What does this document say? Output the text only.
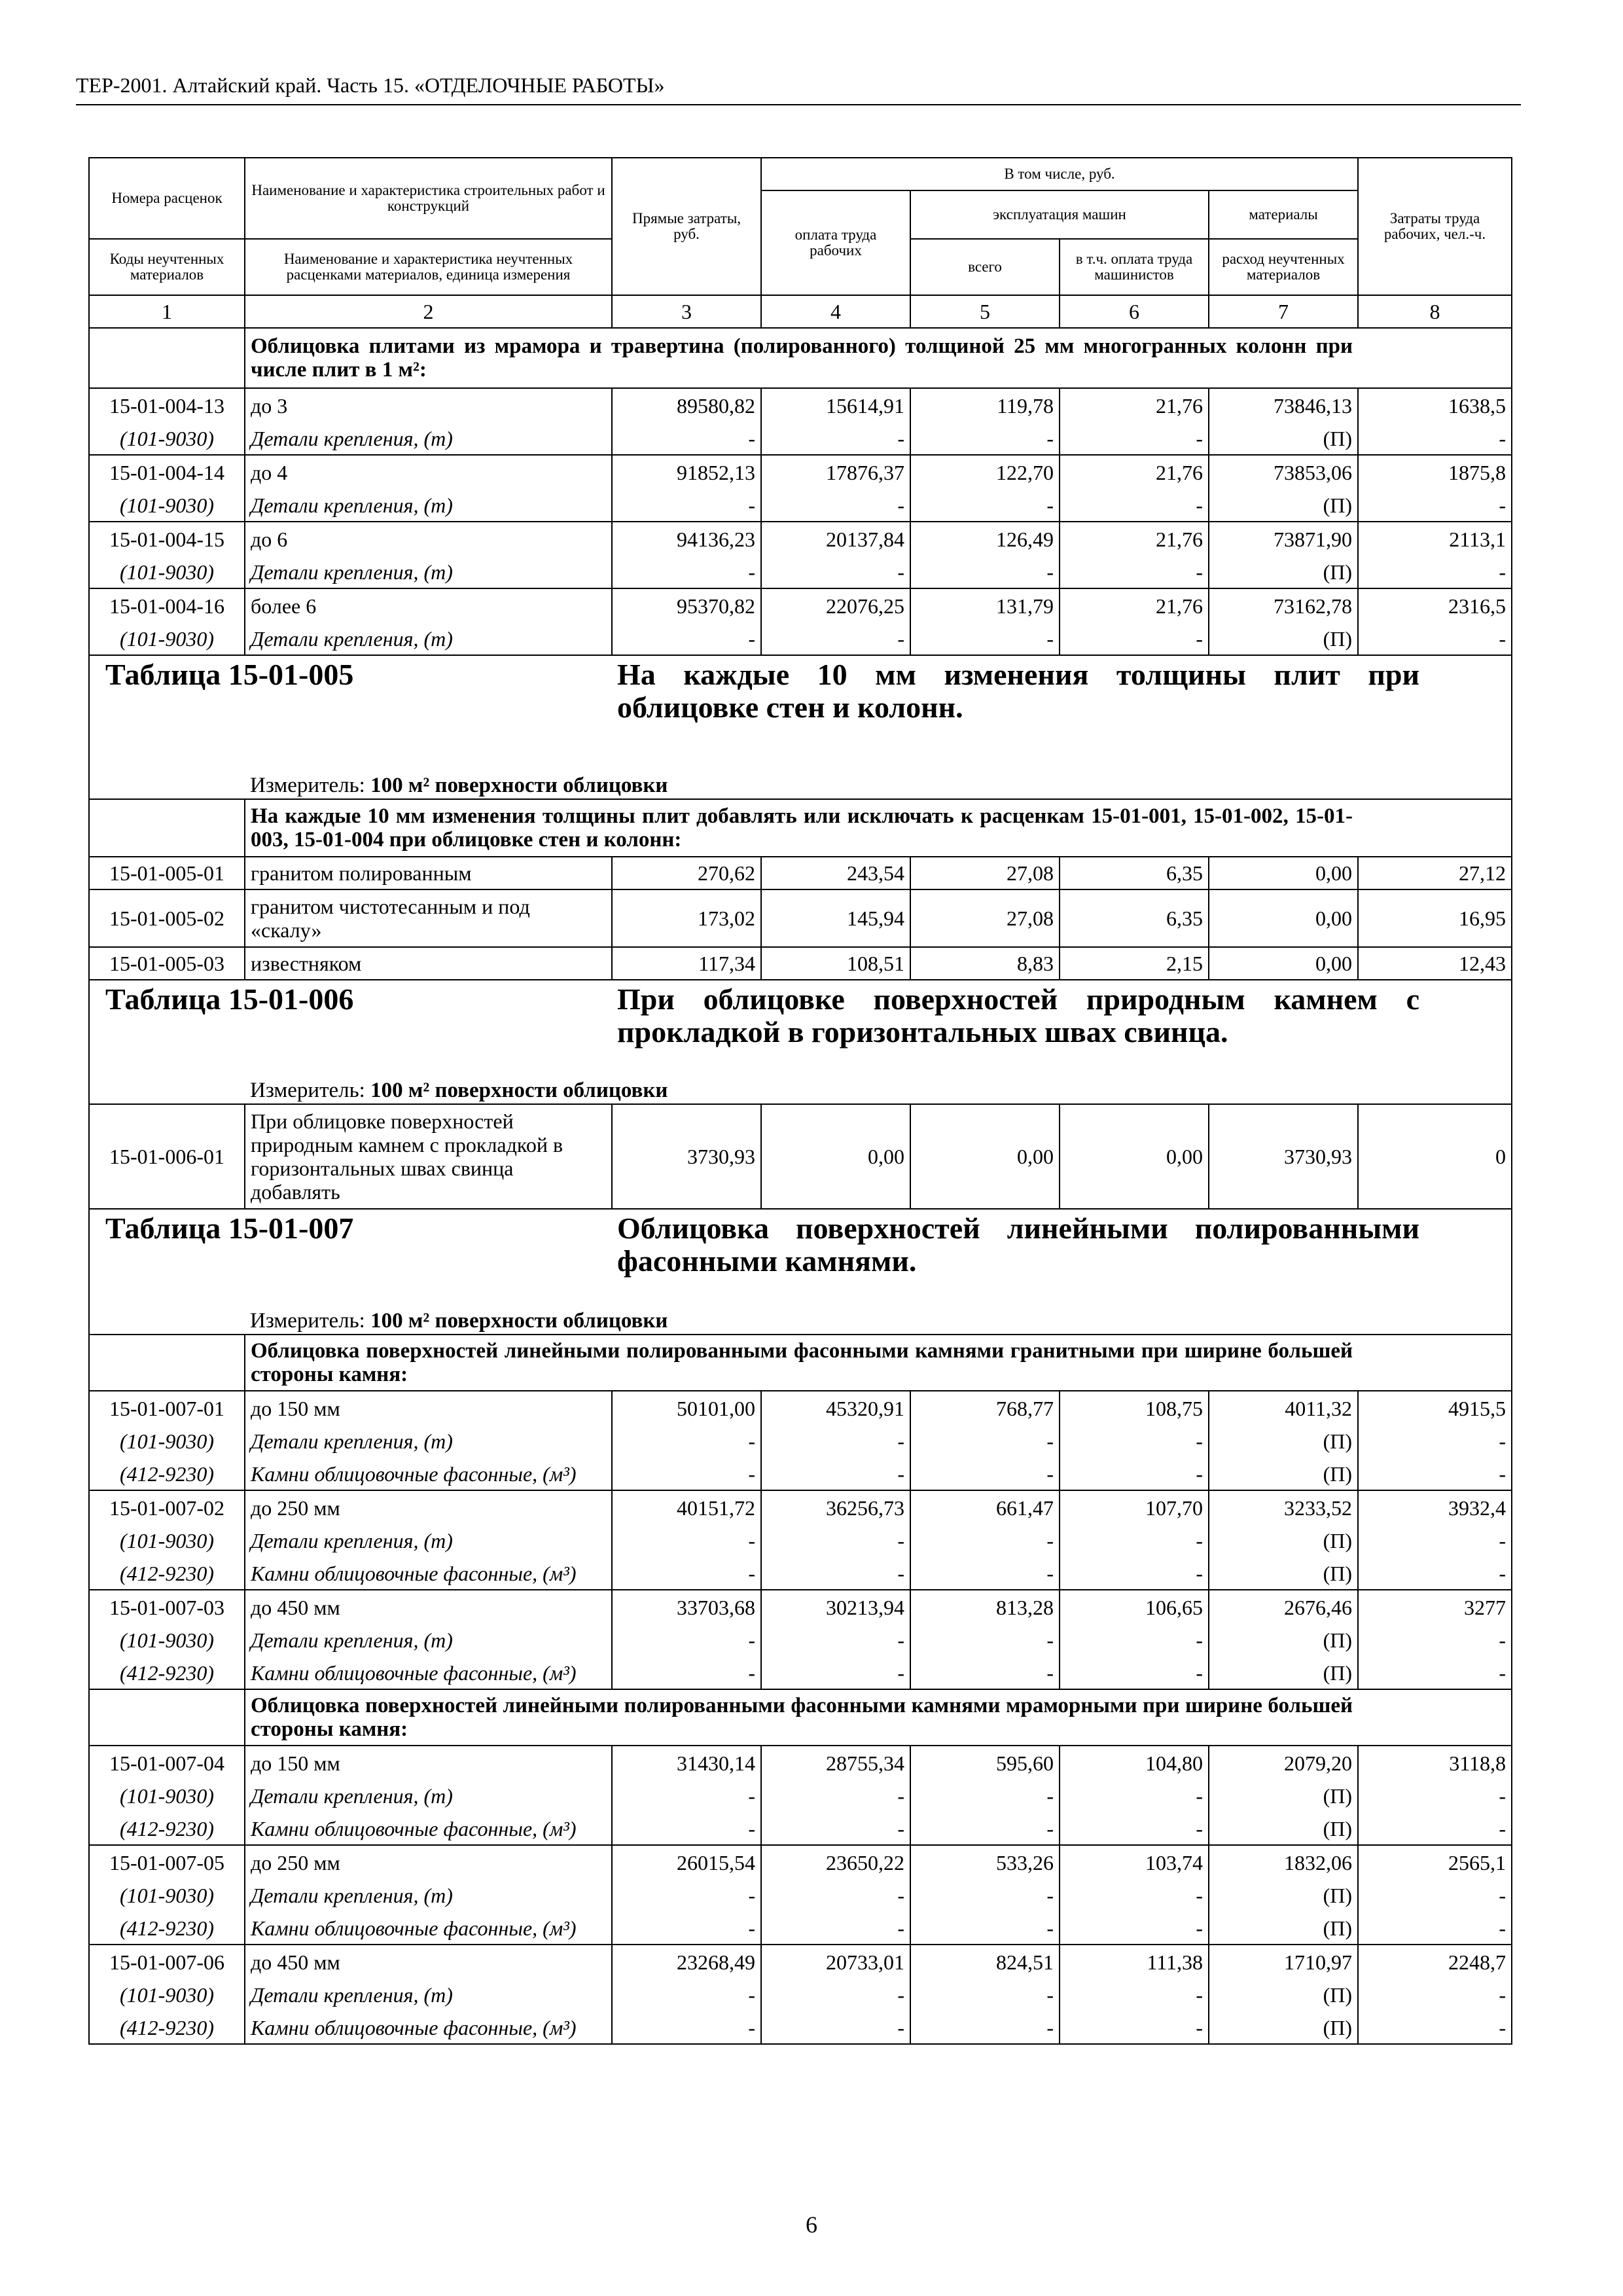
ТЕР-2001. Алтайский край. Часть 15. «ОТДЕЛОЧНЫЕ РАБОТЫ»
Номера расценок	Наименование и характеристика строительных работ и конструкций	Прямые затраты, руб.	В том числе, руб.				Затраты труда рабочих, чел.-ч.
			оплата труда рабочих	эксплуатация машин		материалы	
Коды неучтенных материалов	Наименование и характеристика неучтенных расценками материалов, единица измерения			всего	в т.ч. оплата труда машинистов	расход неучтенных материалов	

1	2	3	4	5	6	7	8
	Облицовка плитами из мрамора и травертина (полированного) толщиной 25 мм многогранных колонн при числе плит в 1 м²:						
15-01-004-13	до 3	89580,82	15614,91	119,78	21,76	73846,13	1638,5
(101-9030)	Детали крепления, (т)	-	-	-	-	(П)	-
15-01-004-14	до 4	91852,13	17876,37	122,70	21,76	73853,06	1875,8
(101-9030)	Детали крепления, (т)	-	-	-	-	(П)	-
15-01-004-15	до 6	94136,23	20137,84	126,49	21,76	73871,90	2113,1
(101-9030)	Детали крепления, (т)	-	-	-	-	(П)	-
15-01-004-16	более 6	95370,82	22076,25	131,79	21,76	73162,78	2316,5
(101-9030)	Детали крепления, (т)	-	-	-	-	(П)	-
Таблица 15-01-005		На каждые 10 мм изменения толщины плит при облицовке стен и колонн.					
	Измеритель: 100 м² поверхности облицовки						
	На каждые 10 мм изменения толщины плит добавлять или исключать к расценкам 15-01-001, 15-01-002, 15-01-003, 15-01-004 при облицовке стен и колонн:						
15-01-005-01	гранитом полированным	270,62	243,54	27,08	6,35	0,00	27,12
15-01-005-02	гранитом чистотесанным и под «скалу»	173,02	145,94	27,08	6,35	0,00	16,95
15-01-005-03	известняком	117,34	108,51	8,83	2,15	0,00	12,43
Таблица 15-01-006		При облицовке поверхностей природным камнем с прокладкой в горизонтальных швах свинца.					
	Измеритель: 100 м² поверхности облицовки						
15-01-006-01	При облицовке поверхностей природным камнем с прокладкой в горизонтальных швах свинца добавлять	3730,93	0,00	0,00	0,00	3730,93	0
Таблица 15-01-007		Облицовка поверхностей линейными полированными фасонными камнями.					
	Измеритель: 100 м² поверхности облицовки						
	Облицовка поверхностей линейными полированными фасонными камнями гранитными при ширине большей стороны камня:						
15-01-007-01	до 150 мм	50101,00	45320,91	768,77	108,75	4011,32	4915,5
(101-9030)	Детали крепления, (т)	-	-	-	-	(П)	-
(412-9230)	Камни облицовочные фасонные, (м³)	-	-	-	-	(П)	-
15-01-007-02	до 250 мм	40151,72	36256,73	661,47	107,70	3233,52	3932,4
(101-9030)	Детали крепления, (т)	-	-	-	-	(П)	-
(412-9230)	Камни облицовочные фасонные, (м³)	-	-	-	-	(П)	-
15-01-007-03	до 450 мм	33703,68	30213,94	813,28	106,65	2676,46	3277
(101-9030)	Детали крепления, (т)	-	-	-	-	(П)	-
(412-9230)	Камни облицовочные фасонные, (м³)	-	-	-	-	(П)	-
	Облицовка поверхностей линейными полированными фасонными камнями мраморными при ширине большей стороны камня:						
15-01-007-04	до 150 мм	31430,14	28755,34	595,60	104,80	2079,20	3118,8
(101-9030)	Детали крепления, (т)	-	-	-	-	(П)	-
(412-9230)	Камни облицовочные фасонные, (м³)	-	-	-	-	(П)	-
15-01-007-05	до 250 мм	26015,54	23650,22	533,26	103,74	1832,06	2565,1
(101-9030)	Детали крепления, (т)	-	-	-	-	(П)	-
(412-9230)	Камни облицовочные фасонные, (м³)	-	-	-	-	(П)	-
15-01-007-06	до 450 мм	23268,49	20733,01	824,51	111,38	1710,97	2248,7
(101-9030)	Детали крепления, (т)	-	-	-	-	(П)	-
(412-9230)	Камни облицовочные фасонные, (м³)	-	-	-	-	(П)	-
6
